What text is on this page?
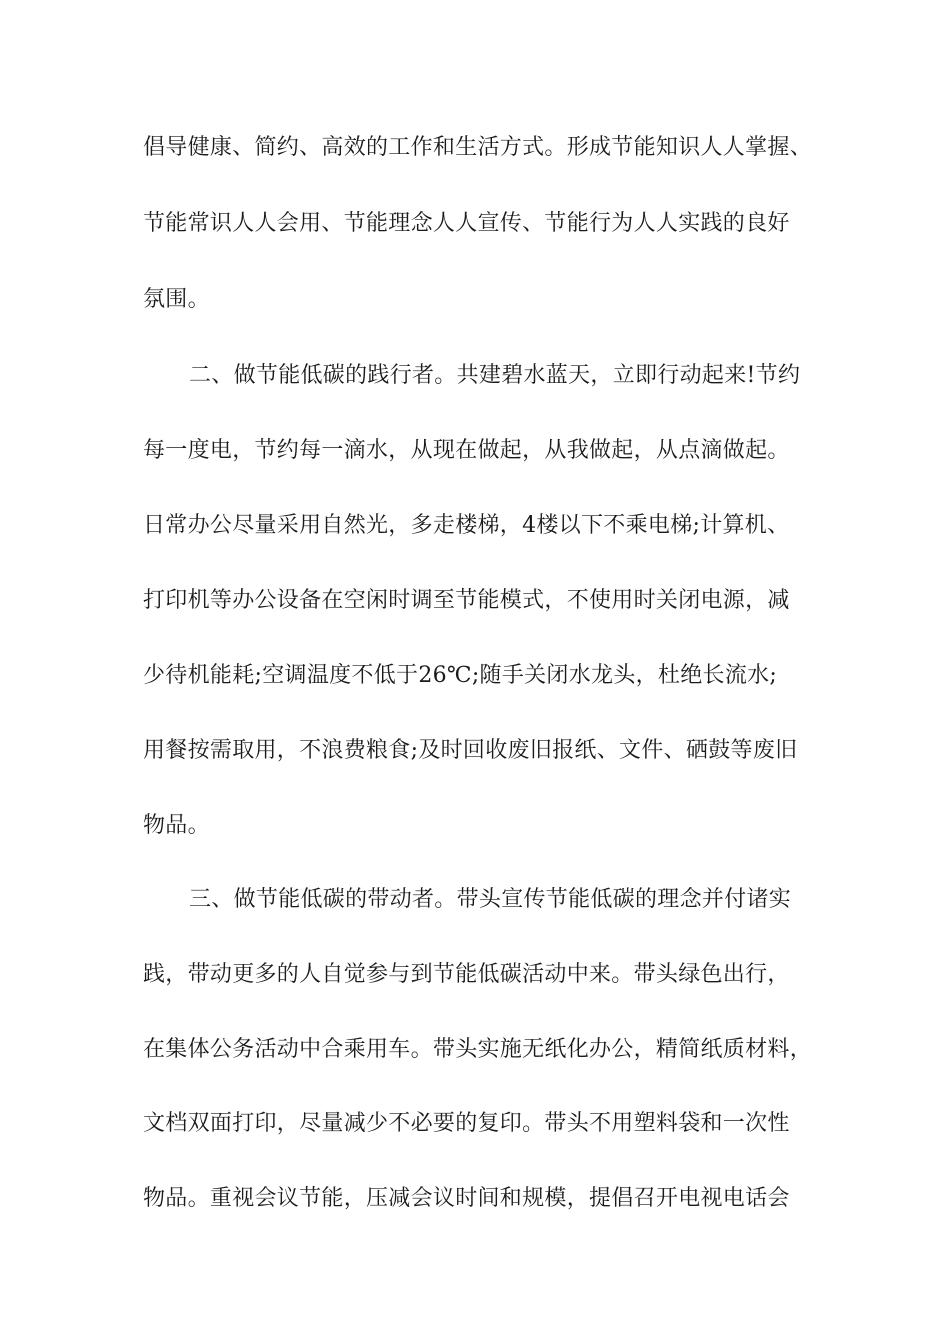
倡导健康、简约、高效的工作和生活方式。形成节能知识人人掌握、
节能常识人人会用、节能理念人人宣传、节能行为人人实践的良好
氛围。
二、做节能低碳的践行者。共建碧水蓝天，立即行动起来!节约
每一度电，节约每一滴水，从现在做起，从我做起，从点滴做起。
日常办公尽量采用自然光，多走楼梯，4楼以下不乘电梯;计算机、
打印机等办公设备在空闲时调至节能模式，不使用时关闭电源，减
少待机能耗;空调温度不低于26℃;随手关闭水龙头，杜绝长流水;
用餐按需取用，不浪费粮食;及时回收废旧报纸、文件、硒鼓等废旧
物品。
三、做节能低碳的带动者。带头宣传节能低碳的理念并付诸实
践，带动更多的人自觉参与到节能低碳活动中来。带头绿色出行，
在集体公务活动中合乘用车。带头实施无纸化办公，精简纸质材料，
文档双面打印，尽量减少不必要的复印。带头不用塑料袋和一次性
物品。重视会议节能，压减会议时间和规模，提倡召开电视电话会
